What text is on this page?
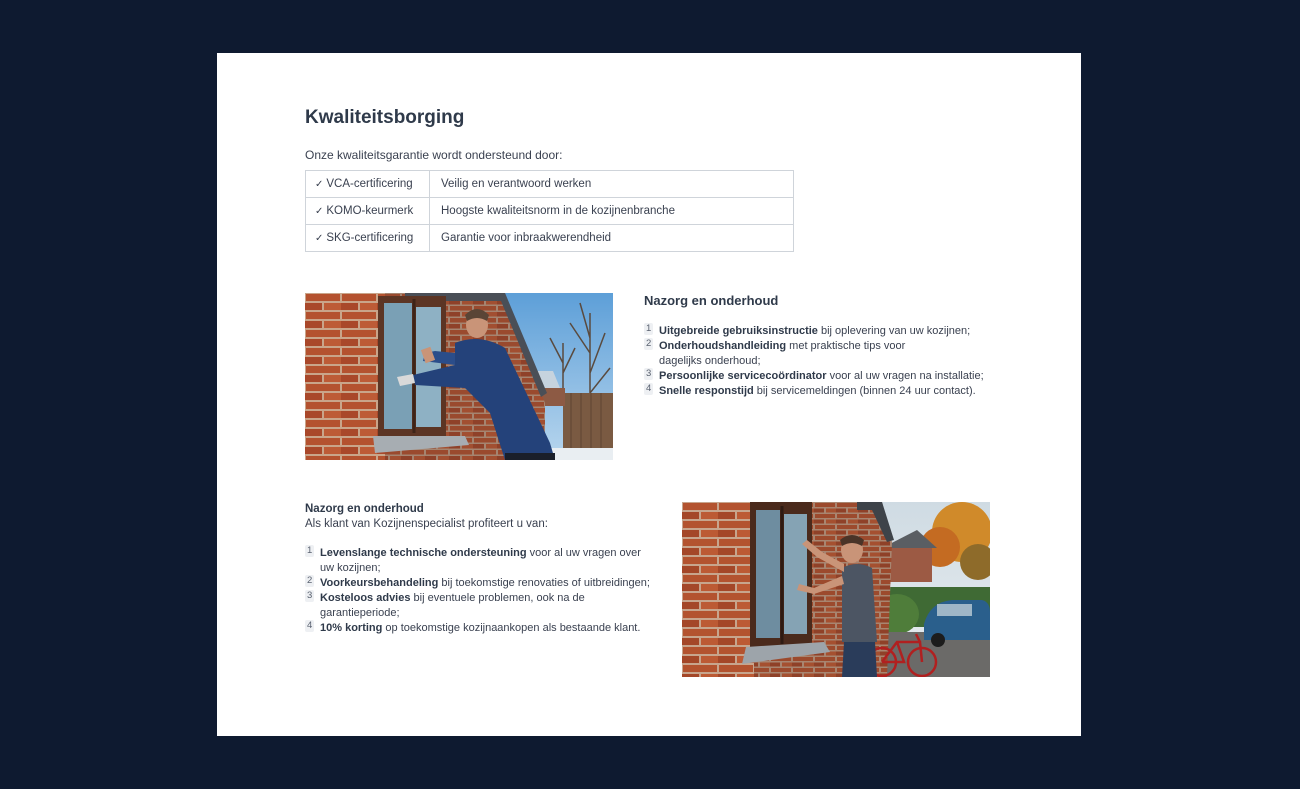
Kwaliteitsborging
Onze kwaliteitsgarantie wordt ondersteund door:
✓ VCA-certificering	Veilig en verantwoord werken
✓ KOMO-keurmerk	Hoogste kwaliteitsnorm in de kozijnenbranche
✓ SKG-certificering	Garantie voor inbraakwerendheid
Nazorg en onderhoud
1 Uitgebreide gebruiksinstructie bij oplevering van uw kozijnen;
2 Onderhoudshandleiding met praktische tips voor dagelijks onderhoud;
3 Persoonlijke servicecoördinator voor al uw vragen na installatie;
4 Snelle responstijd bij servicemeldingen (binnen 24 uur contact).
Nazorg en onderhoud
Als klant van Kozijnenspecialist profiteert u van:
1 Levenslange technische ondersteuning voor al uw vragen over uw kozijnen;
2 Voorkeursbehandeling bij toekomstige renovaties of uitbreidingen;
3 Kosteloos advies bij eventuele problemen, ook na de garantieperiode;
4 10% korting op toekomstige kozijnaankopen als bestaande klant.
